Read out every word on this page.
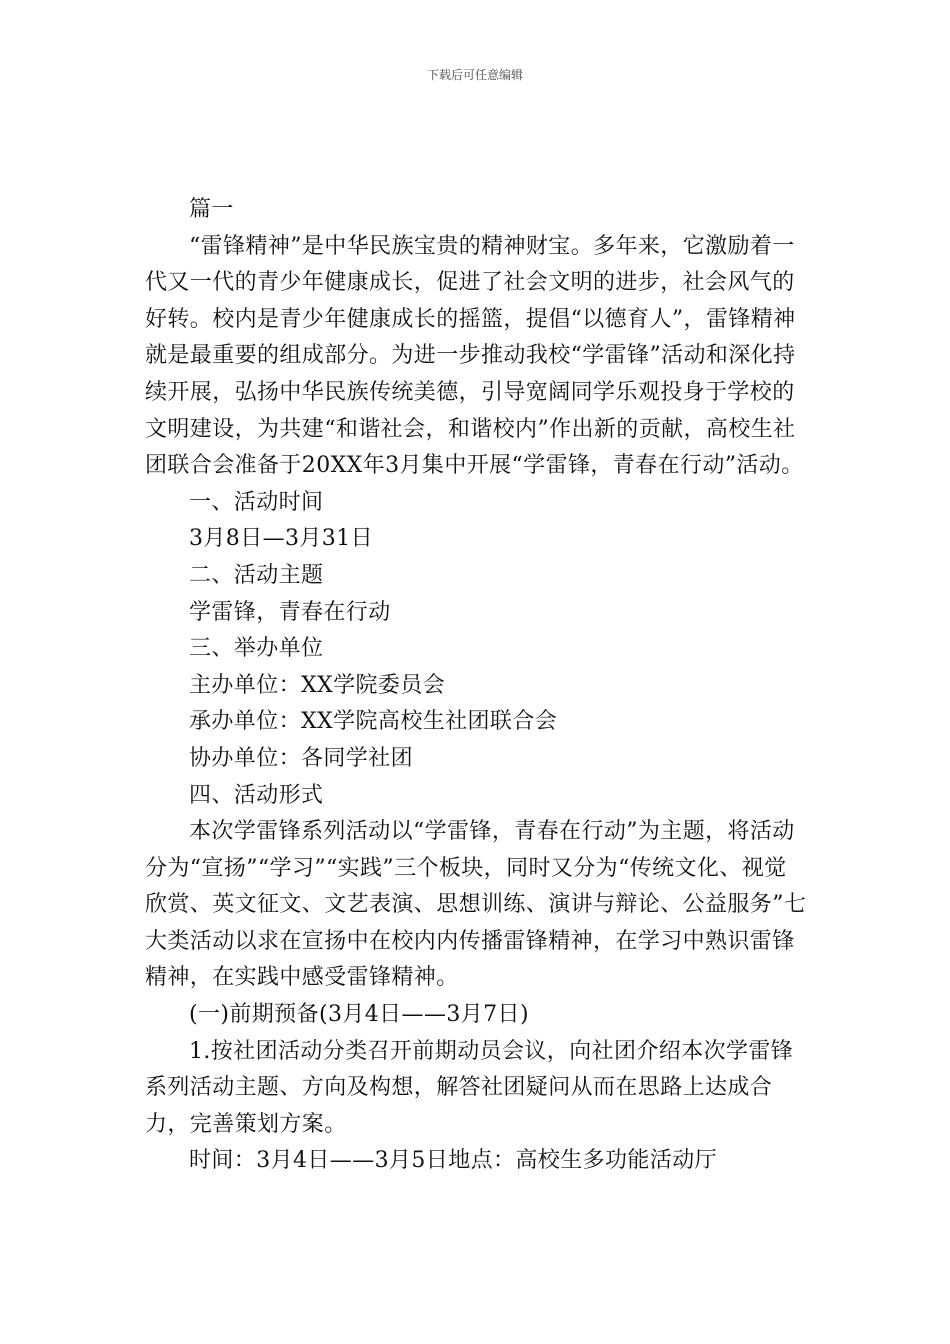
下载后可任意编辑

篇一

“雷锋精神”是中华民族宝贵的精神财宝。多年来，它激励着一代又一代的青少年健康成长，促进了社会文明的进步，社会风气的好转。校内是青少年健康成长的摇篮，提倡“以德育人”，雷锋精神就是最重要的组成部分。为进一步推动我校“学雷锋”活动和深化持续开展，弘扬中华民族传统美德，引导宽阔同学乐观投身于学校的文明建设，为共建“和谐社会，和谐校内”作出新的贡献，高校生社团联合会准备于20XX年3月集中开展“学雷锋，青春在行动”活动。

一、活动时间

3月8日—3月31日

二、活动主题

学雷锋，青春在行动

三、举办单位

主办单位：XX学院委员会

承办单位：XX学院高校生社团联合会

协办单位：各同学社团

四、活动形式

本次学雷锋系列活动以“学雷锋，青春在行动”为主题，将活动分为“宣扬”“学习”“实践”三个板块，同时又分为“传统文化、视觉欣赏、英文征文、文艺表演、思想训练、演讲与辩论、公益服务”七大类活动以求在宣扬中在校内内传播雷锋精神，在学习中熟识雷锋精神，在实践中感受雷锋精神。

(一)前期预备(3月4日——3月7日)

1.按社团活动分类召开前期动员会议，向社团介绍本次学雷锋系列活动主题、方向及构想，解答社团疑问从而在思路上达成合力，完善策划方案。

时间：3月4日——3月5日地点：高校生多功能活动厅
